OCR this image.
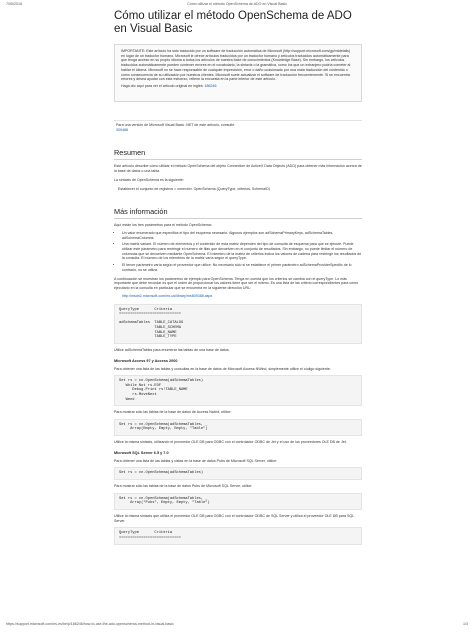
7/05/2018	Cómo utilizar el método OpenSchema de ADO en Visual Basic
Cómo utilizar el método OpenSchema de ADO en Visual Basic
IMPORTANTE: Este artículo ha sido traducido por un software de traducción automática de Microsoft (http://support.microsoft.com/gp/mtdetails) en lugar de un traductor humano. Microsoft le ofrece artículos traducidos por un traductor humano y artículos traducidos automáticamente para que tenga acceso en su propio idioma a todos los artículos de nuestra base de conocimientos (Knowledge Base). Sin embargo, los artículos traducidos automáticamente pueden contener errores en el vocabulario, la sintaxis o la gramática, como los que un extranjero podría cometer al hablar el idioma. Microsoft no se hace responsable de cualquier imprecisión, error o daño ocasionado por una mala traducción del contenido o como consecuencia de su utilización por nuestros clientes. Microsoft suele actualizar el software de traducción frecuentemente. Si se encuentra errores y desea ayudar con este esfuerzo, rellene la encuesta en la parte inferior de este artículo.
Haga clic aquí para ver el artículo original en inglés: 186246
Para una versión de Microsoft Visual Basic .NET de este artículo, consulte
309488
Resumen

Este artículo describe cómo utilizar el método OpenSchema del objeto Connection de ActiveX Data Objects (ADO) para obtener más información acerca de la base de datos o una tabla.

La sintaxis de OpenSchema es la siguiente:

Establecer el conjunto de registros = conexión. OpenSchema (QueryType, criterios, SchemaID)

Más información

Aquí están los tres parámetros para el método OpenSchema:

• Un valor enumerado que especifica el tipo del esquema necesario. Algunos ejemplos son adSchemaPrimaryKeys, adSchemaTables, adSchemaColumns.
• Una matriz variant. El número de elementos y el contenido de esta matriz dependen del tipo de consulta de esquema para que se ejecute. Puede utilizar este parámetro para restringir el número de filas que devuelven en el conjunto de resultados. Sin embargo, no puede limitar el número de columnas que se devuelven mediante OpenSchema. El miembro de la matriz de criterios indica los valores de cadena para restringir los resultados de la consulta. El número de los miembros de la matriz varía según el queryType.
• El tercer parámetro varía según el proveedor que utilice. No necesario sólo si se establece el primer parámetro adSchemaProviderSpecific de lo contrario, no se utiliza.

A continuación se muestran los parámetros de ejemplo para OpenSchema. Tenga en cuenta que los criterios se cambia con el queryType. Lo más importante que debe recordar es que el orden de proporcionar los valores tiene que ser el mismo. Es una lista de las criterio correspondientes para cómo ejecutarlo en la consulta en particular que se encuentra en la siguiente dirección URL:

http://msdn2.microsoft.com/en-us/library/ms809388.aspx
QueryType       Criteria
============================

adSchemaTables  TABLE_CATALOG
TABLE_SCHEMA
TABLE_NAME
TABLE_TYPE

Utilice adSchemaTables para enumerar las tablas de una base de datos.

Microsoft Access 97 y Access 2000

Para obtener una lista de las tablas y consultas en la base de datos de Microsoft Access NWind, simplemente utilice el código siguiente:

Set rs = cn.OpenSchema(adSchemaTables)
While Not rs.EOF
Debug.Print rs!TABLE_NAME
rs.MoveNext
Wend

Para mostrar sólo las tablas de la base de datos de Access Nwind, utilice:

Set rs = cn.OpenSchema(adSchemaTables, _
Array(Empty, Empty, Empty, "Table")

Utilice la misma sintaxis, utilizando el proveedor OLE DB para ODBC con el controlador ODBC de Jet y el uso de los proveedores OLE DB de Jet.

Microsoft SQL Server 6.5 y 7.0

Para obtener una lista de las tablas y vistas en la base de datos Pubs de Microsoft SQL Server, utilice:

Set rs = cn.OpenSchema(adSchemaTables)

Para mostrar sólo las tablas de la base de datos Pubs de Microsoft SQL Server, utilice:

Set rs = cn.OpenSchema(adSchemaTables, _
Array("Pubs", Empty, Empty, "Table")

Utilice la misma sintaxis que utiliza el proveedor OLE DB para ODBC con el controlador ODBC de SQL Server y utiliza el proveedor OLE DB para SQL Server.

QueryType       Criteria
============================
https://support.microsoft.com/es-es/help/186246/how-to-use-the-ado-openschema-method-in-visual-basic	1/3
